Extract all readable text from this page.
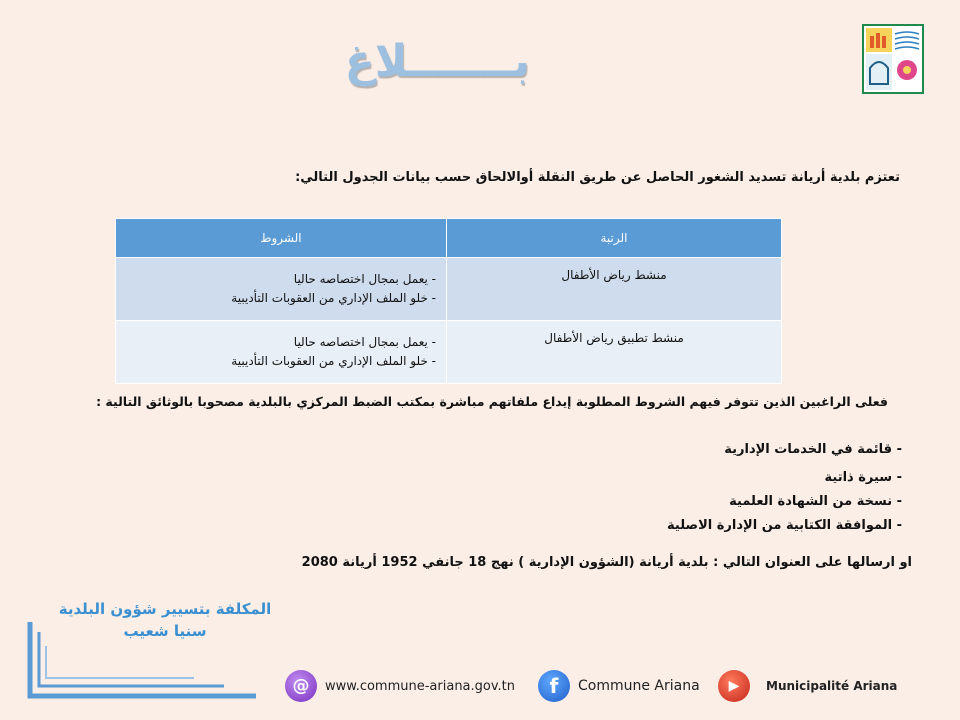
بـــــــلاغ
تعتزم بلدية أريانة تسديد الشغور الحاصل عن طريق النقلة أوالالحاق حسب بيانات الجدول التالي:
الرتبة	الشروط
منشط رياض الأطفال	- يعمل بمجال اختصاصه حاليا
- خلو الملف الإداري من العقوبات التأديبية

منشط تطبيق رياض الأطفال	- يعمل بمجال اختصاصه حاليا
- خلو الملف الإداري من العقوبات التأديبية
فعلى الراغبين الذين تتوفر فيهم الشروط المطلوبة إيداع ملفاتهم مباشرة بمكتب الضبط المركزي بالبلدية مصحوبا بالوثائق التالية :
- قائمة في الخدمات الإدارية
- سيرة ذاتية
- نسخة من الشهادة العلمية
- الموافقة الكتابية من الإدارة الاصلية
او ارسالها على العنوان التالي : بلدية أريانة (الشؤون الإدارية ) نهج 18 جانفي 1952 أريانة 2080
المكلفة بتسيير شؤون البلدية
سنيا شعيب
@	www.commune-ariana.gov.tn	f	Commune Ariana	▶	Municipalité Ariana
